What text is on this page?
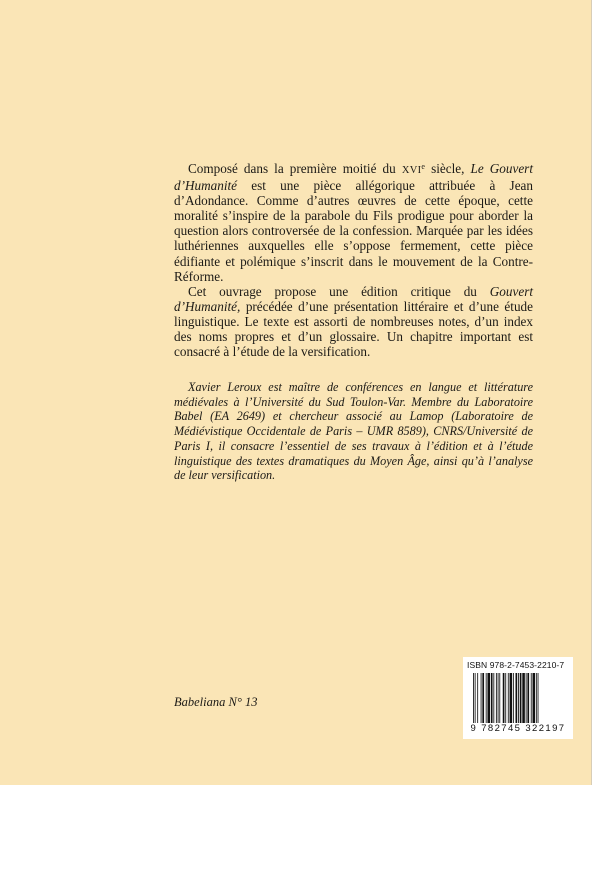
Composé dans la première moitié du XVIe siècle, Le Gouvert d’Humanité est une pièce allégorique attribuée à Jean d’Adondance. Comme d’autres œuvres de cette époque, cette moralité s’inspire de la parabole du Fils prodigue pour aborder la question alors controversée de la confession. Marquée par les idées luthériennes auxquelles elle s’oppose fermement, cette pièce édifiante et polémique s’inscrit dans le mouvement de la Contre-Réforme.

Cet ouvrage propose une édition critique du Gouvert d’Humanité, précédée d’une présentation littéraire et d’une étude linguistique. Le texte est assorti de nombreuses notes, d’un index des noms propres et d’un glossaire. Un chapitre important est consacré à l’étude de la versification.

Xavier Leroux est maître de conférences en langue et littérature médiévales à l’Université du Sud Toulon-Var. Membre du Laboratoire Babel (EA 2649) et chercheur associé au Lamop (Laboratoire de Médiévistique Occidentale de Paris – UMR 8589), CNRS/Université de Paris I, il consacre l’essentiel de ses travaux à l’édition et à l’étude linguistique des textes dramatiques du Moyen Âge, ainsi qu’à l’analyse de leur versification.
ISBN 978-2-7453-2210-7
9 782745 322197
Babeliana N° 13
